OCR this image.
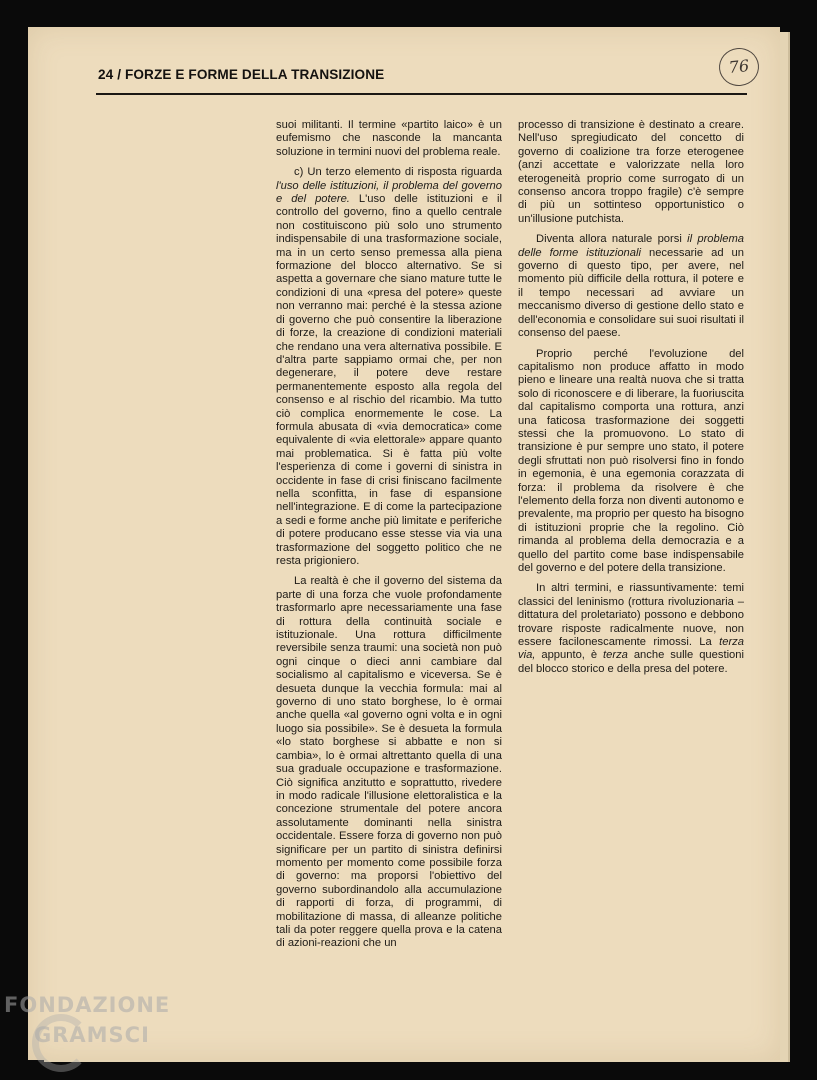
24 / FORZE E FORME DELLA TRANSIZIONE	76

suoi militanti. Il termine «partito laico» è un eufemismo che nasconde la mancanta soluzione in termini nuovi del problema reale.

c) Un terzo elemento di risposta riguarda l'uso delle istituzioni, il problema del governo e del potere. L'uso delle istituzioni e il controllo del governo, fino a quello centrale non costituiscono più solo uno strumento indispensabile di una trasformazione sociale, ma in un certo senso premessa alla piena formazione del blocco alternativo. Se si aspetta a governare che siano mature tutte le condizioni di una «presa del potere» queste non verranno mai: perché è la stessa azione di governo che può consentire la liberazione di forze, la creazione di condizioni materiali che rendano una vera alternativa possibile. E d'altra parte sappiamo ormai che, per non degenerare, il potere deve restare permanentemente esposto alla regola del consenso e al rischio del ricambio. Ma tutto ciò complica enormemente le cose. La formula abusata di «via democratica» come equivalente di «via elettorale» appare quanto mai problematica. Si è fatta più volte l'esperienza di come i governi di sinistra in occidente in fase di crisi finiscano facilmente nella sconfitta, in fase di espansione nell'integrazione. E di come la partecipazione a sedi e forme anche più limitate e periferiche di potere producano esse stesse via via una trasformazione del soggetto politico che ne resta prigioniero.

La realtà è che il governo del sistema da parte di una forza che vuole profondamente trasformarlo apre necessariamente una fase di rottura della continuità sociale e istituzionale. Una rottura difficilmente reversibile senza traumi: una società non può ogni cinque o dieci anni cambiare dal socialismo al capitalismo e viceversa. Se è desueta dunque la vecchia formula: mai al governo di uno stato borghese, lo è ormai anche quella «al governo ogni volta e in ogni luogo sia possibile». Se è desueta la formula «lo stato borghese si abbatte e non si cambia», lo è ormai altrettanto quella di una sua graduale occupazione e trasformazione. Ciò significa anzitutto e soprattutto, rivedere in modo radicale l'illusione elettoralistica e la concezione strumentale del potere ancora assolutamente dominanti nella sinistra occidentale. Essere forza di governo non può significare per un partito di sinistra definirsi momento per momento come possibile forza di governo: ma proporsi l'obiettivo del governo subordinandolo alla accumulazione di rapporti di forza, di programmi, di mobilitazione di massa, di alleanze politiche tali da poter reggere quella prova e la catena di azioni-reazioni che un

processo di transizione è destinato a creare. Nell'uso spregiudicato del concetto di governo di coalizione tra forze eterogenee (anzi accettate e valorizzate nella loro eterogeneità proprio come surrogato di un consenso ancora troppo fragile) c'è sempre di più un sottinteso opportunistico o un'illusione putchista.

Diventa allora naturale porsi il problema delle forme istituzionali necessarie ad un governo di questo tipo, per avere, nel momento più difficile della rottura, il potere e il tempo necessari ad avviare un meccanismo diverso di gestione dello stato e dell'economia e consolidare sui suoi risultati il consenso del paese.

Proprio perché l'evoluzione del capitalismo non produce affatto in modo pieno e lineare una realtà nuova che si tratta solo di riconoscere e di liberare, la fuoriuscita dal capitalismo comporta una rottura, anzi una faticosa trasformazione dei soggetti stessi che la promuovono. Lo stato di transizione è pur sempre uno stato, il potere degli sfruttati non può risolversi fino in fondo in egemonia, è una egemonia corazzata di forza: il problema da risolvere è che l'elemento della forza non diventi autonomo e prevalente, ma proprio per questo ha bisogno di istituzioni proprie che la regolino. Ciò rimanda al problema della democrazia e a quello del partito come base indispensabile del governo e del potere della transizione.

In altri termini, e riassuntivamente: temi classici del leninismo (rottura rivoluzionaria – dittatura del proletariato) possono e debbono trovare risposte radicalmente nuove, non essere facilonescamente rimossi. La terza via, appunto, è terza anche sulle questioni del blocco storico e della presa del potere.

FONDAZIONE
GRAMSCI
